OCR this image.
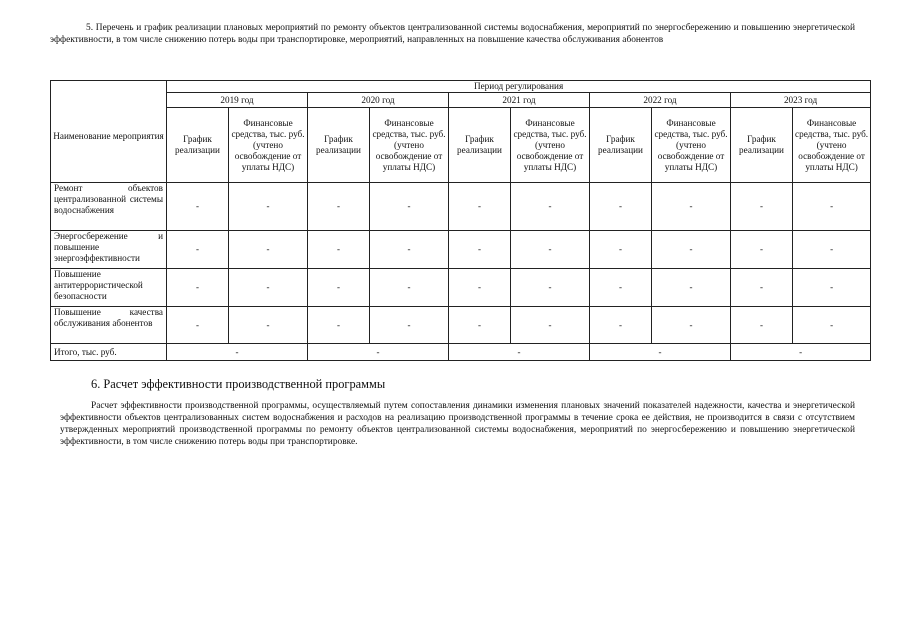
5. Перечень и график реализации плановых мероприятий по ремонту объектов централизованной системы водоснабжения, мероприятий по энергосбережению и повышению энергетической эффективности, в том числе снижению потерь воды при транспортировке, мероприятий, направленных на повышение качества обслуживания абонентов

Наименование мероприятия	Период регулирования									
	2019 год		2020 год		2021 год		2022 год		2023 год	
	График реализации	Финансовые средства, тыс. руб. (учтено освобождение от уплаты НДС)	График реализации	Финансовые средства, тыс. руб. (учтено освобождение от уплаты НДС)	График реализации	Финансовые средства, тыс. руб. (учтено освобождение от уплаты НДС)	График реализации	Финансовые средства, тыс. руб. (учтено освобождение от уплаты НДС)	График реализации	Финансовые средства, тыс. руб. (учтено освобождение от уплаты НДС)
Ремонт объектов централизованной системы водоснабжения	-	-	-	-	-	-	-	-	-	-
Энергосбережение и повышение энергоэффективности	-	-	-	-	-	-	-	-	-	-
Повышение антитеррористической безопасности	-	-	-	-	-	-	-	-	-	-
Повышение качества обслуживания абонентов	-	-	-	-	-	-	-	-	-	-
Итого, тыс. руб.	-		-		-		-		-	
6. Расчет эффективности производственной программы

Расчет эффективности производственной программы, осуществляемый путем сопоставления динамики изменения плановых значений показателей надежности, качества и энергетической эффективности объектов централизованных систем водоснабжения и расходов на реализацию производственной программы в течение срока ее действия, не производится в связи с отсутствием утвержденных мероприятий производственной программы по ремонту объектов централизованной системы водоснабжения, мероприятий по энергосбережению и повышению энергетической эффективности, в том числе снижению потерь воды при транспортировке.
